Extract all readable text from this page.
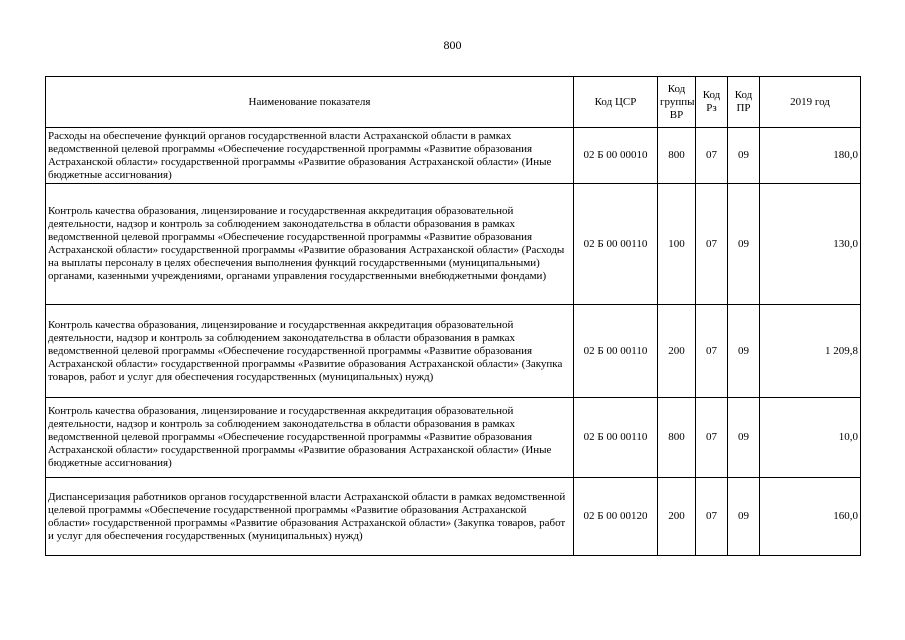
800
Наименование показателя	Код ЦСР	Код группы ВР	Код Рз	Код ПР	2019 год
Расходы на обеспечение функций органов государственной власти Астраханской области в рамках ведомственной целевой программы «Обеспечение государственной программы «Развитие образования Астраханской области» государственной программы «Развитие образования Астраханской области» (Иные бюджетные ассигнования)	02 Б 00 00010	800	07	09	180,0
Контроль качества образования, лицензирование и государственная аккредитация образовательной деятельности, надзор и контроль за соблюдением законодательства в области образования в рамках ведомственной целевой программы «Обеспечение государственной программы «Развитие образования Астраханской области» государственной программы «Развитие образования Астраханской области» (Расходы на выплаты персоналу в целях обеспечения выполнения функций государственными (муниципальными) органами, казенными учреждениями, органами управления государственными внебюджетными фондами)	02 Б 00 00110	100	07	09	130,0
Контроль качества образования, лицензирование и государственная аккредитация образовательной деятельности, надзор и контроль за соблюдением законодательства в области образования в рамках ведомственной целевой программы «Обеспечение государственной программы «Развитие образования Астраханской области» государственной программы «Развитие образования Астраханской области» (Закупка товаров, работ и услуг для обеспечения государственных (муниципальных) нужд)	02 Б 00 00110	200	07	09	1 209,8
Контроль качества образования, лицензирование и государственная аккредитация образовательной деятельности, надзор и контроль за соблюдением законодательства в области образования в рамках ведомственной целевой программы «Обеспечение государственной программы «Развитие образования Астраханской области» государственной программы «Развитие образования Астраханской области» (Иные бюджетные ассигнования)	02 Б 00 00110	800	07	09	10,0
Диспансеризация работников органов государственной власти Астраханской области в рамках ведомственной целевой программы «Обеспечение государственной программы «Развитие образования Астраханской области» государственной программы «Развитие образования Астраханской области» (Закупка товаров, работ и услуг для обеспечения государственных (муниципальных) нужд)	02 Б 00 00120	200	07	09	160,0
